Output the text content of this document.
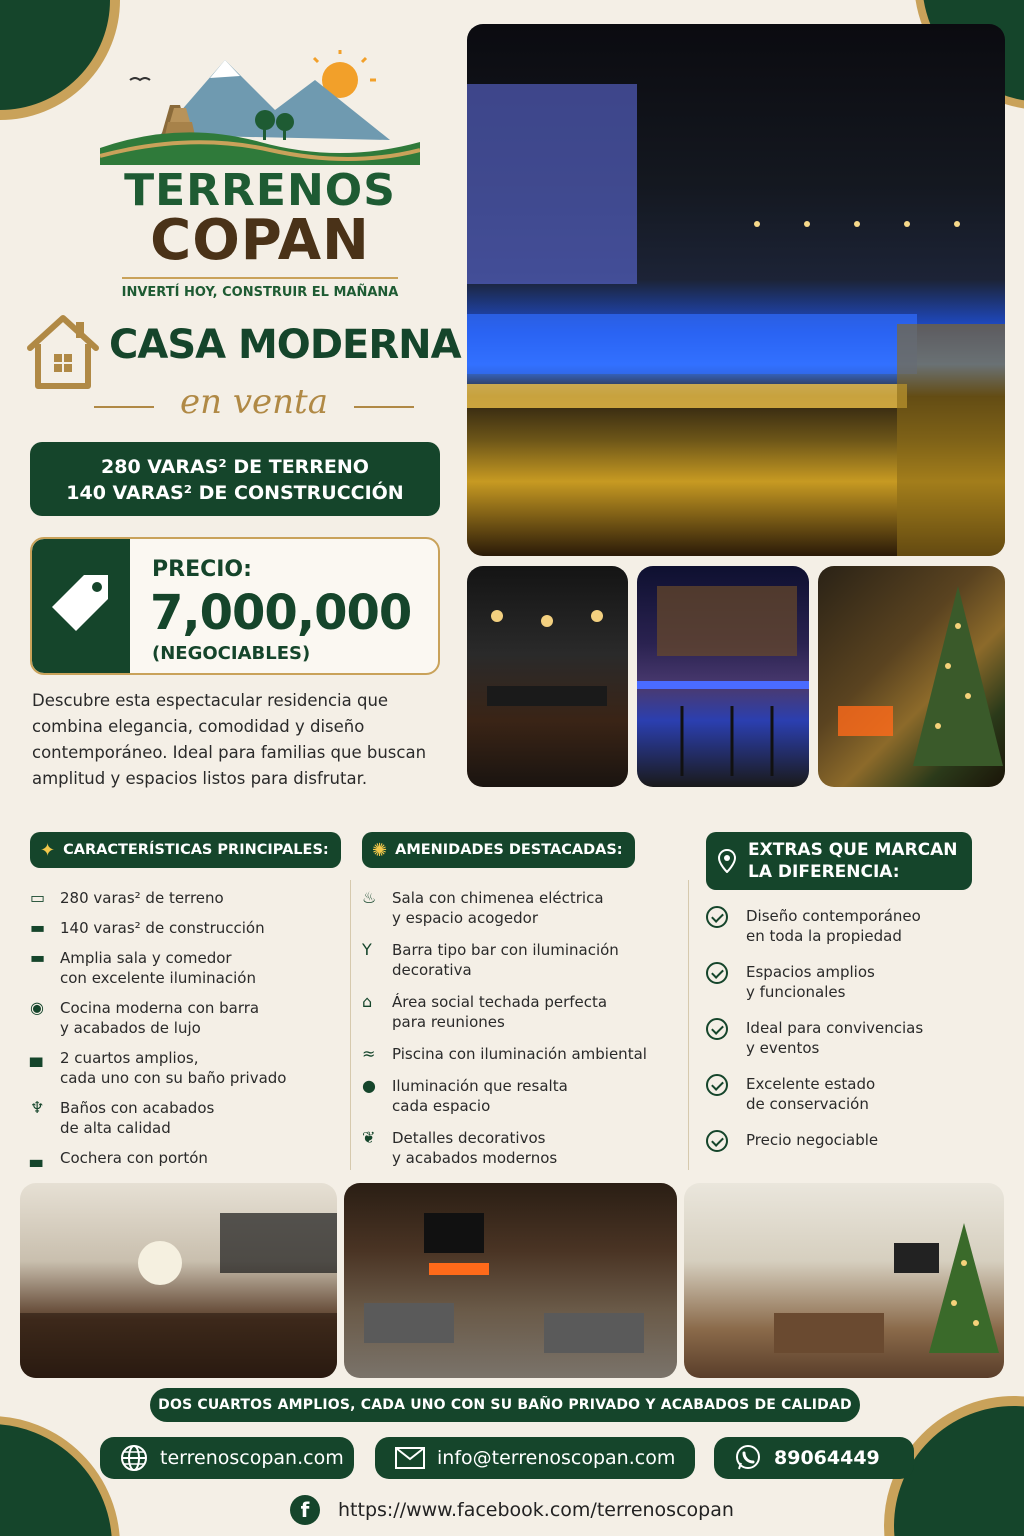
TERRENOS
COPAN
INVERTÍ HOY, CONSTRUIR EL MAÑANA
CASA MODERNA
en venta
280 VARAS² DE TERRENO
140 VARAS² DE CONSTRUCCIÓN
PRECIO:
7,000,000
(NEGOCIABLES)
Descubre esta espectacular residencia que combina elegancia, comodidad y diseño contemporáneo. Ideal para familias que buscan amplitud y espacios listos para disfrutar.
✦ CARACTERÍSTICAS PRINCIPALES:
▭ 280 varas² de terreno
▬ 140 varas² de construcción
▬ Amplia sala y comedor
con excelente iluminación
◉	Cocina moderna con barra
y acabados de lujo
▄	2 cuartos amplios,
cada uno con su baño privado
♆	Baños con acabados
de alta calidad
▃	Cochera con portón
✺ AMENIDADES DESTACADAS:
♨	Sala con chimenea eléctrica
y espacio acogedor
Y	Barra tipo bar con iluminación
decorativa
⌂	Área social techada perfecta
para reuniones
≈	Piscina con iluminación ambiental
●	Iluminación que resalta
cada espacio
❦	Detalles decorativos
y acabados modernos
EXTRAS QUE MARCAN
LA DIFERENCIA:
Diseño contemporáneo
en toda la propiedad
Espacios amplios
y funcionales
Ideal para convivencias
y eventos
Excelente estado
de conservación
Precio negociable
DOS CUARTOS AMPLIOS, CADA UNO CON SU BAÑO PRIVADO Y ACABADOS DE CALIDAD
terrenoscopan.com	info@terrenoscopan.com	89064449
f	https://www.facebook.com/terrenoscopan
